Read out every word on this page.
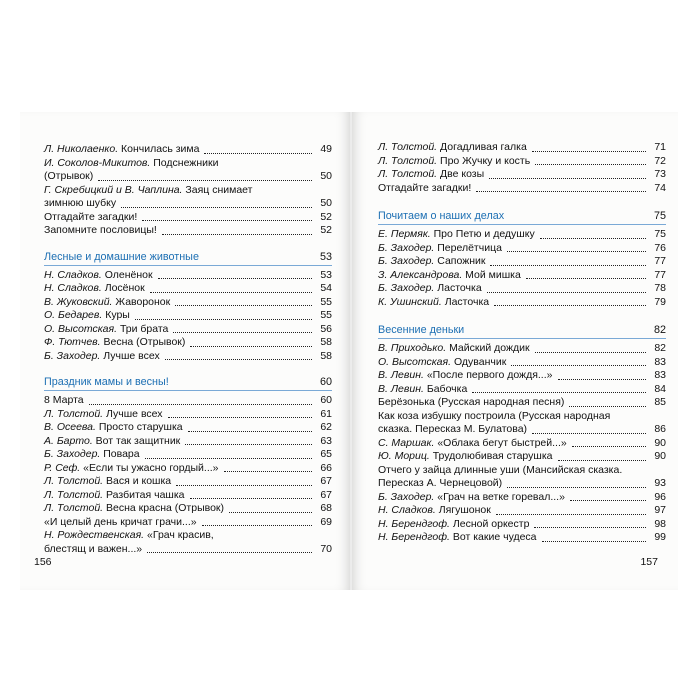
Л. Николаенко. Кончилась зима	49
И. Соколов-Микитов. Подснежники
(Отрывок)	50
Г. Скребицкий и В. Чаплина. Заяц снимает
зимнюю шубку	50
Отгадайте загадки!	52
Запомните пословицы!	52
Лесные и домашние животные	53
Н. Сладков. Оленёнок	53
Н. Сладков. Лосёнок	54
В. Жуковский. Жаворонок	55
О. Бедарев. Куры	55
О. Высотская. Три брата	56
Ф. Тютчев. Весна (Отрывок)	58
Б. Заходер. Лучше всех	58
Праздник мамы и весны!	60
8 Марта	60
Л. Толстой. Лучше всех	61
В. Осеева. Просто старушка	62
А. Барто. Вот так защитник	63
Б. Заходер. Повара	65
Р. Сеф. «Если ты ужасно гордый...»	66
Л. Толстой. Вася и кошка	67
Л. Толстой. Разбитая чашка	67
Л. Толстой. Весна красна (Отрывок)	68
«И целый день кричат грачи...»	69
Н. Рождественская. «Грач красив,
блестящ и важен...»	70
156
Л. Толстой. Догадливая галка	71
Л. Толстой. Про Жучку и кость	72
Л. Толстой. Две козы	73
Отгадайте загадки!	74
Почитаем о наших делах	75
Е. Пермяк. Про Петю и дедушку	75
Б. Заходер. Перелётчица	76
Б. Заходер. Сапожник	77
З. Александрова. Мой мишка	77
Б. Заходер. Ласточка	78
К. Ушинский. Ласточка	79
Весенние деньки	82
В. Приходько. Майский дождик	82
О. Высотская. Одуванчик	83
В. Левин. «После первого дождя...»	83
В. Левин. Бабочка	84
Берёзонька (Русская народная песня)	85
Как коза избушку построила (Русская народная
сказка. Пересказ М. Булатова)	86
С. Маршак. «Облака бегут быстрей...»	90
Ю. Мориц. Трудолюбивая старушка	90
Отчего у зайца длинные уши (Мансийская сказка.
Пересказ А. Чернецовой)	93
Б. Заходер. «Грач на ветке горевал...»	96
Н. Сладков. Лягушонок	97
Н. Берендгоф. Лесной оркестр	98
Н. Берендгоф. Вот какие чудеса	99
157
